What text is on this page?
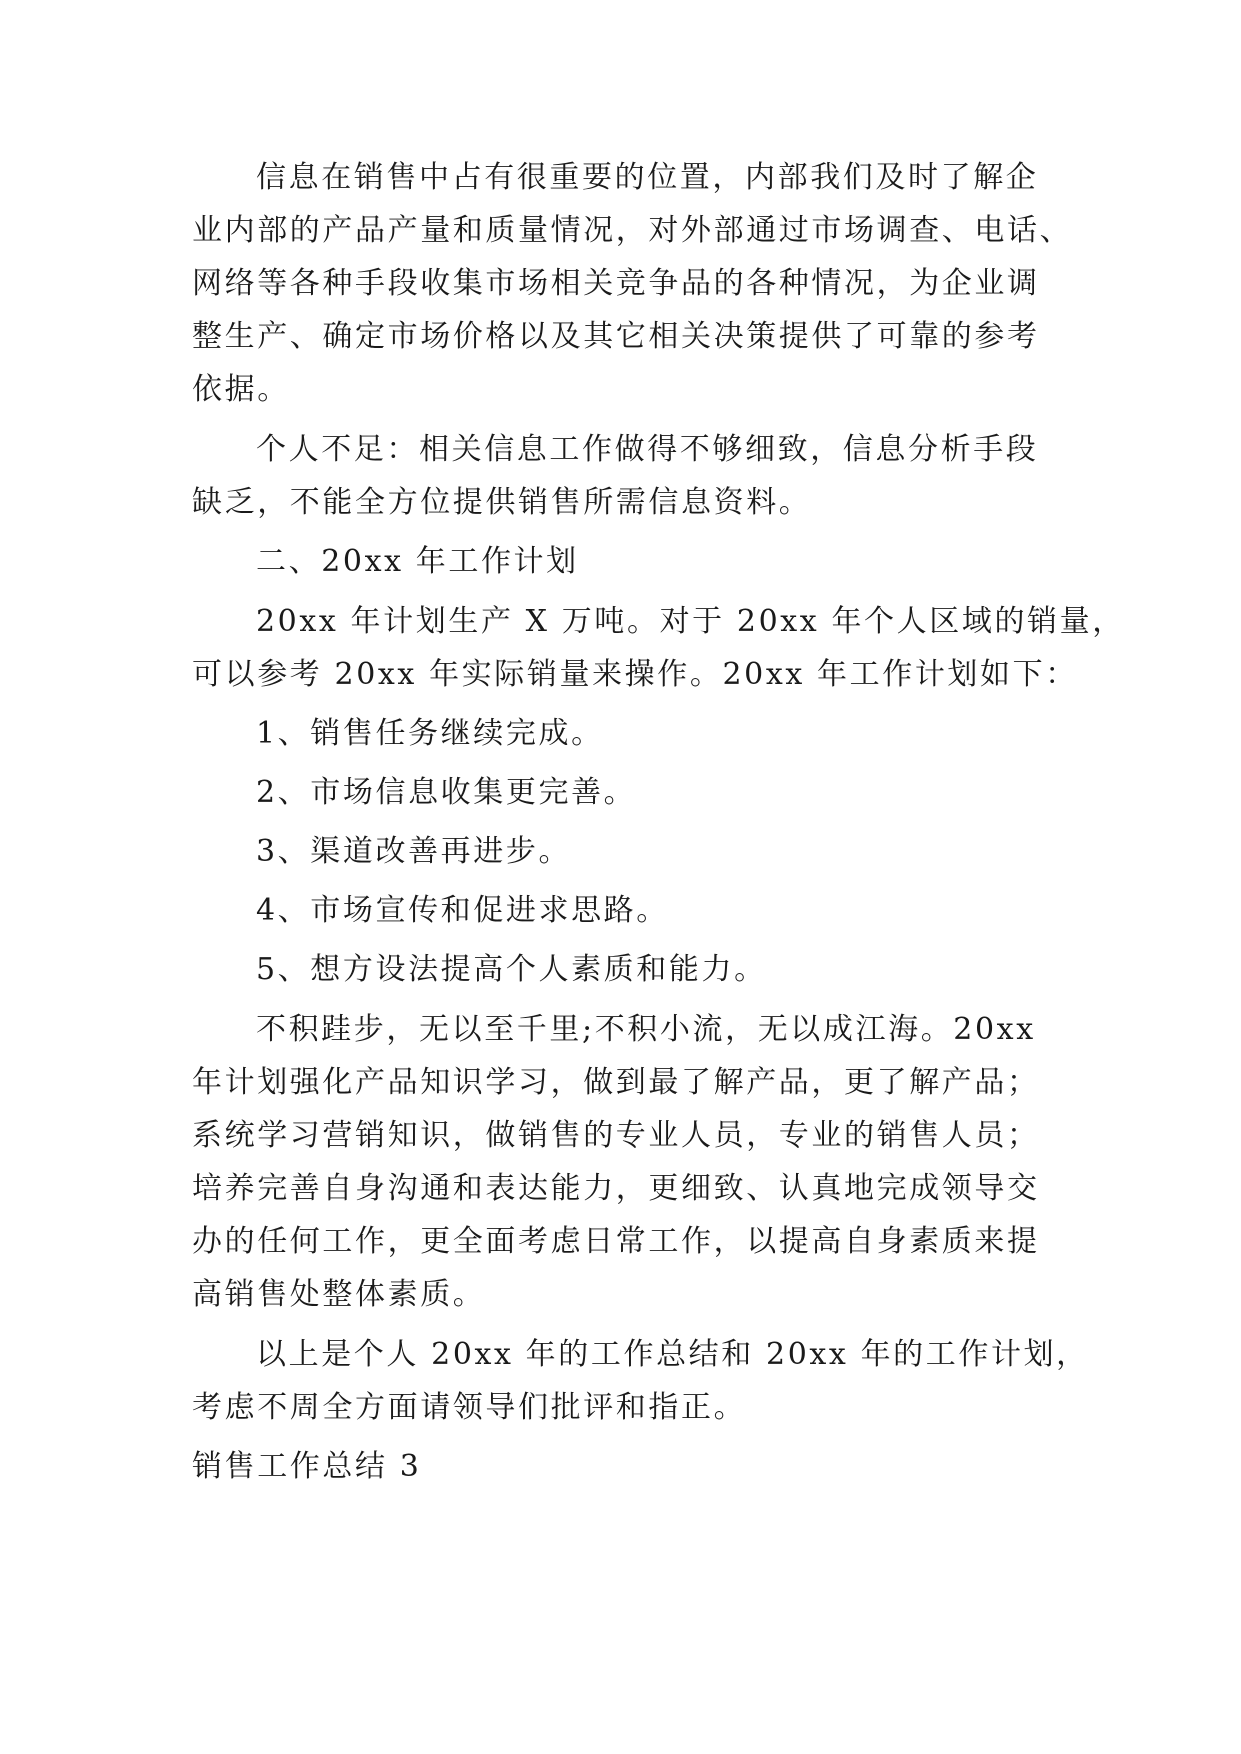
信息在销售中占有很重要的位置，内部我们及时了解企
业内部的产品产量和质量情况，对外部通过市场调查、电话、
网络等各种手段收集市场相关竞争品的各种情况，为企业调
整生产、确定市场价格以及其它相关决策提供了可靠的参考
依据。
个人不足：相关信息工作做得不够细致，信息分析手段
缺乏，不能全方位提供销售所需信息资料。
二、20xx 年工作计划
20xx 年计划生产 X 万吨。对于 20xx 年个人区域的销量，
可以参考 20xx 年实际销量来操作。20xx 年工作计划如下：
1、销售任务继续完成。
2、市场信息收集更完善。
3、渠道改善再进步。
4、市场宣传和促进求思路。
5、想方设法提高个人素质和能力。
不积跬步，无以至千里;不积小流，无以成江海。20xx
年计划强化产品知识学习，做到最了解产品，更了解产品；
系统学习营销知识，做销售的专业人员，专业的销售人员；
培养完善自身沟通和表达能力，更细致、认真地完成领导交
办的任何工作，更全面考虑日常工作，以提高自身素质来提
高销售处整体素质。
以上是个人 20xx 年的工作总结和 20xx 年的工作计划，
考虑不周全方面请领导们批评和指正。
销售工作总结 3
